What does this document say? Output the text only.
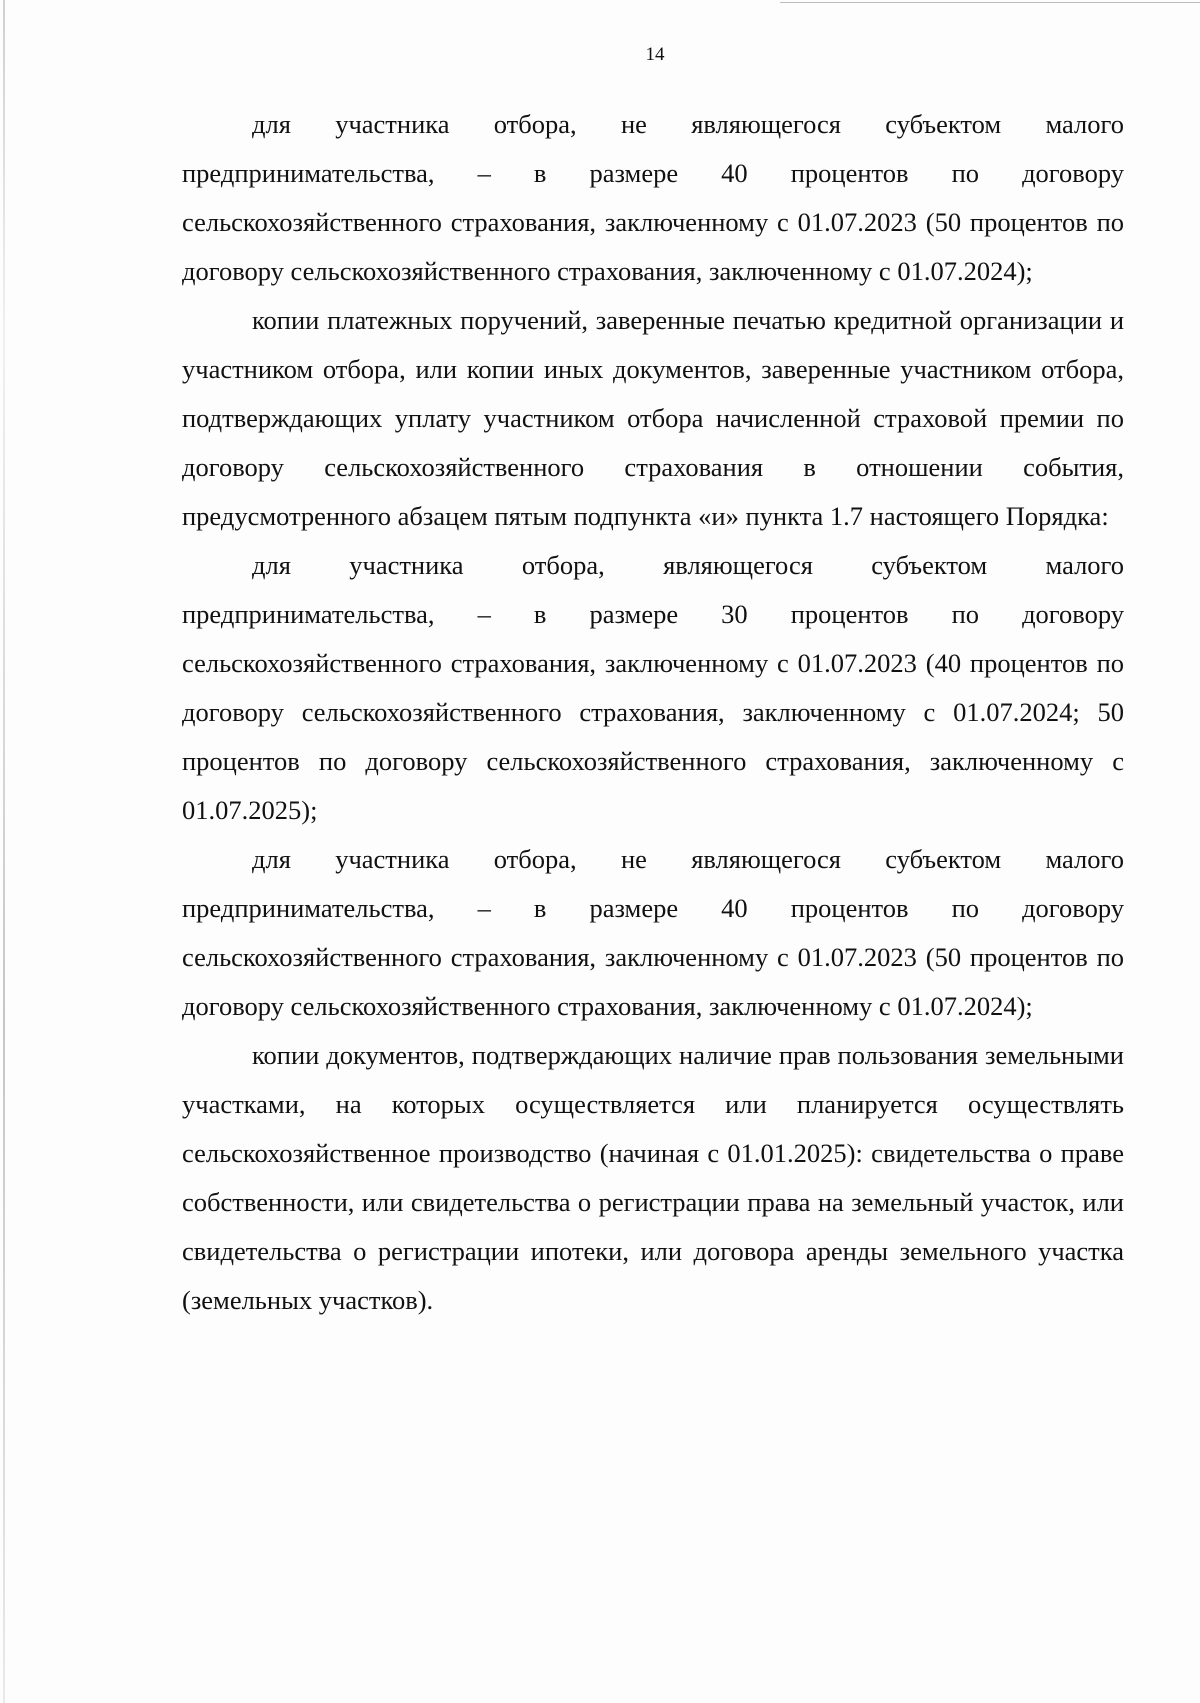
14

для участника отбора, не являющегося субъектом малого предпринимательства, – в размере 40 процентов по договору сельскохозяйственного страхования, заключенному с 01.07.2023 (50 процентов по договору сельскохозяйственного страхования, заключенному с 01.07.2024);

копии платежных поручений, заверенные печатью кредитной организации и участником отбора, или копии иных документов, заверенные участником отбора, подтверждающих уплату участником отбора начисленной страховой премии по договору сельскохозяйственного страхования в отношении события, предусмотренного абзацем пятым подпункта «и» пункта 1.7 настоящего Порядка:

для участника отбора, являющегося субъектом малого предпринимательства, – в размере 30 процентов по договору сельскохозяйственного страхования, заключенному с 01.07.2023 (40 процентов по договору сельскохозяйственного страхования, заключенному с 01.07.2024; 50 процентов по договору сельскохозяйственного страхования, заключенному с 01.07.2025);

для участника отбора, не являющегося субъектом малого предпринимательства, – в размере 40 процентов по договору сельскохозяйственного страхования, заключенному с 01.07.2023 (50 процентов по договору сельскохозяйственного страхования, заключенному с 01.07.2024);

копии документов, подтверждающих наличие прав пользования земельными участками, на которых осуществляется или планируется осуществлять сельскохозяйственное производство (начиная с 01.01.2025): свидетельства о праве собственности, или свидетельства о регистрации права на земельный участок, или свидетельства о регистрации ипотеки, или договора аренды земельного участка (земельных участков).
